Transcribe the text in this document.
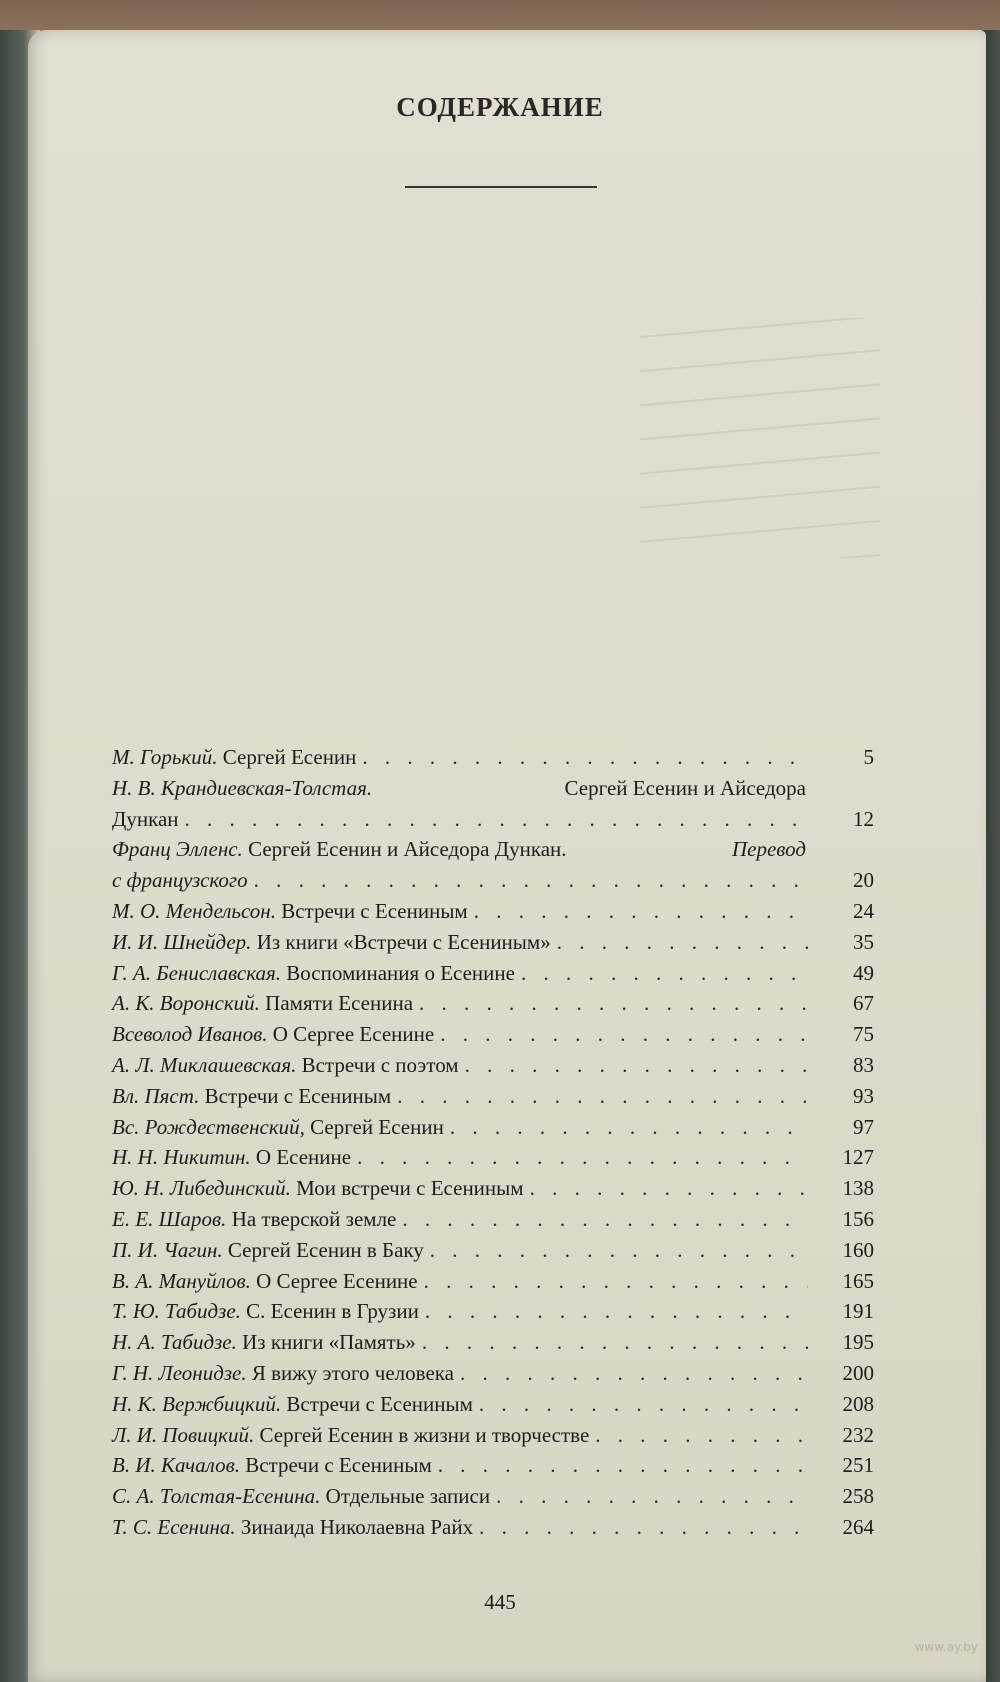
СОДЕРЖАНИЕ
М. Горький. Сергей Есенин . . .	5
Н. В. Крандиевская-Толстая.	Сергей Есенин и Айседора
Дункан . . .	12
Франц Элленс. Сергей Есенин и Айседора Дункан.	Перевод
с французского . . .	20
М. О. Мендельсон. Встречи с Есениным . . .	24
И. И. Шнейдер. Из книги «Встречи с Есениным» . . .	35
Г. А. Бениславская. Воспоминания о Есенине . . .	49
А. К. Воронский. Памяти Есенина . . .	67
Всеволод Иванов. О Сергее Есенине . . .	75
А. Л. Миклашевская. Встречи с поэтом . . .	83
Вл. Пяст. Встречи с Есениным . . .	93
Вс. Рождественский, Сергей Есенин . . .	97
Н. Н. Никитин. О Есенине . . .	127
Ю. Н. Либединский. Мои встречи с Есениным . . .	138
Е. Е. Шаров. На тверской земле . . .	156
П. И. Чагин. Сергей Есенин в Баку . . .	160
В. А. Мануйлов. О Сергее Есенине . . .	165
Т. Ю. Табидзе. С. Есенин в Грузии . . .	191
Н. А. Табидзе. Из книги «Память» . . .	195
Г. Н. Леонидзе. Я вижу этого человека . . .	200
Н. К. Вержбицкий. Встречи с Есениным . . .	208
Л. И. Повицкий. Сергей Есенин в жизни и творчестве . . .	232
В. И. Качалов. Встречи с Есениным . . .	251
С. А. Толстая-Есенина. Отдельные записи . . .	258
Т. С. Есенина. Зинаида Николаевна Райх . . .	264
445
www.ay.by
